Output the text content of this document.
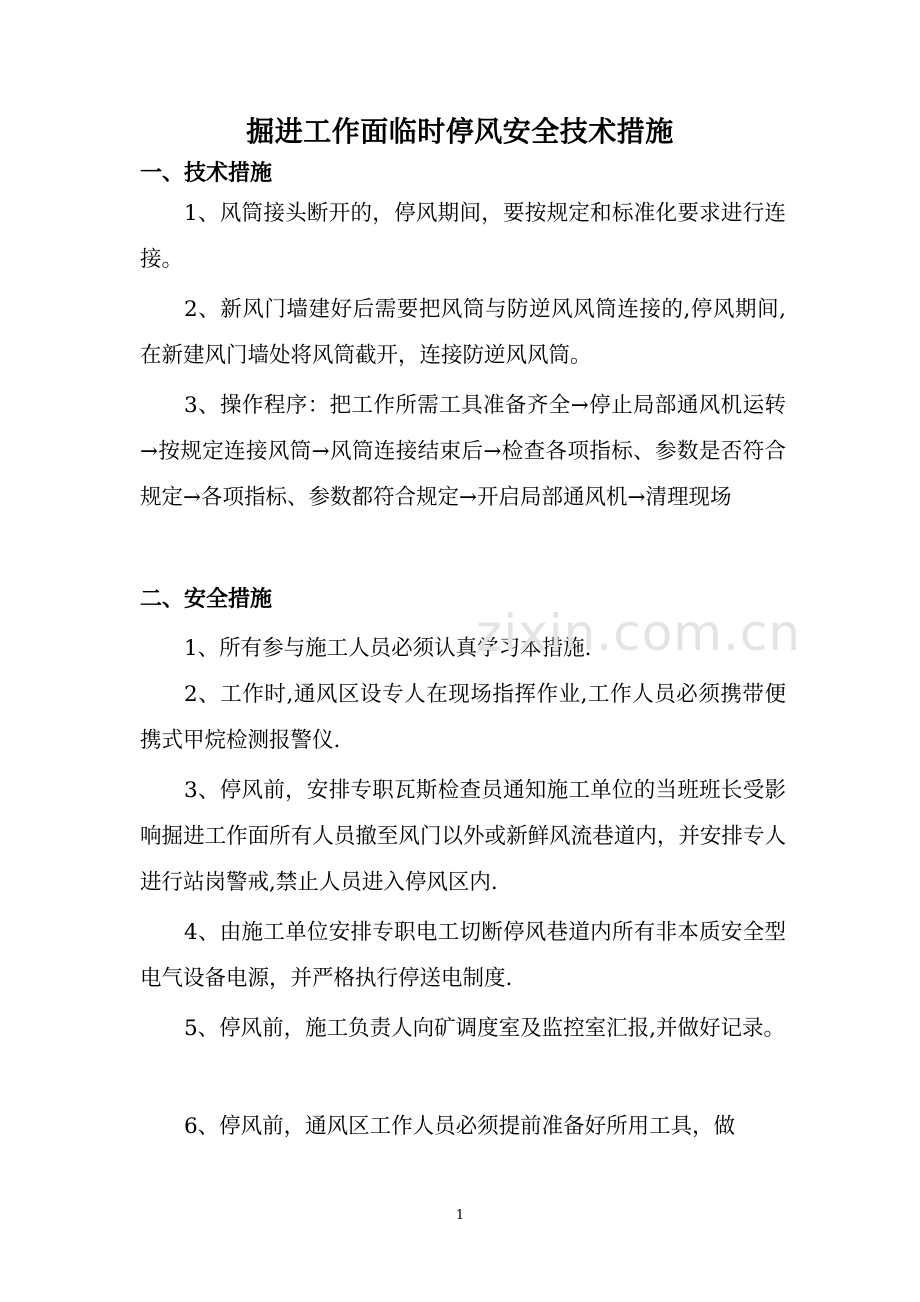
掘进工作面临时停风安全技术措施
一、技术措施

1、风筒接头断开的，停风期间，要按规定和标准化要求进行连接。

2、新风门墙建好后需要把风筒与防逆风风筒连接的,停风期间,在新建风门墙处将风筒截开，连接防逆风风筒。

3、操作程序：把工作所需工具准备齐全→停止局部通风机运转→按规定连接风筒→风筒连接结束后→检查各项指标、参数是否符合规定→各项指标、参数都符合规定→开启局部通风机→清理现场

二、安全措施

1、所有参与施工人员必须认真学习本措施.

2、工作时,通风区设专人在现场指挥作业,工作人员必须携带便携式甲烷检测报警仪.

3、停风前，安排专职瓦斯检查员通知施工单位的当班班长受影响掘进工作面所有人员撤至风门以外或新鲜风流巷道内，并安排专人进行站岗警戒,禁止人员进入停风区内.

4、由施工单位安排专职电工切断停风巷道内所有非本质安全型电气设备电源，并严格执行停送电制度.

5、停风前，施工负责人向矿调度室及监控室汇报,并做好记录。

6、停风前，通风区工作人员必须提前准备好所用工具，做

zixin.com.cn
1
